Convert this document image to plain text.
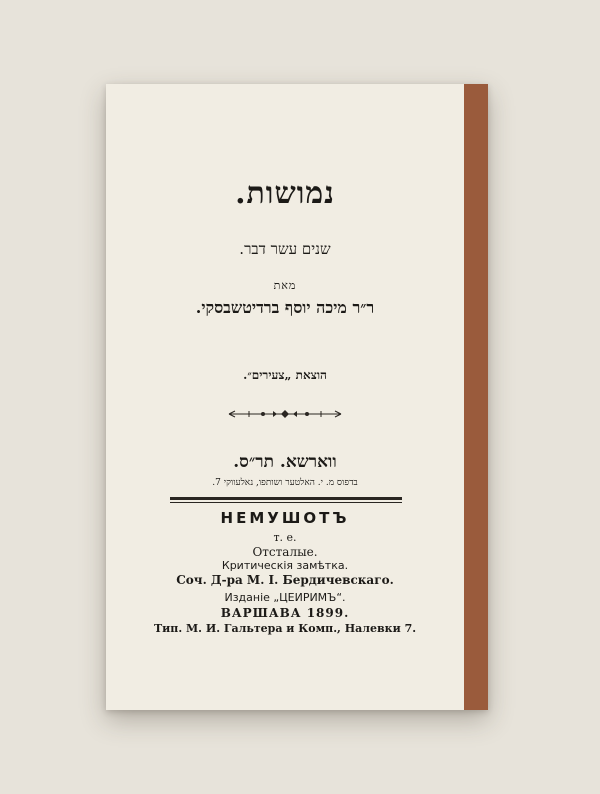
נמושות.
שנים עשר דבר.
מאת
ר״ר מיכה יוסף ברדיטשבסקי.
הוצאת „צעירים״.
ווארשא. תר״ס.
בדפוס מ. י. האלטער ושותפו, נאלעווקי 7.
НЕМУШОТЪ
т. е.
Отсталые.
Критическiя замѣтка.
Соч. Д-ра М. I. Бердичевскаго.
Изданiе „ЦЕИРИМЪ“.
ВАРШАВА 1899.
Тип. М. И. Гальтера и Комп., Налевки 7.
